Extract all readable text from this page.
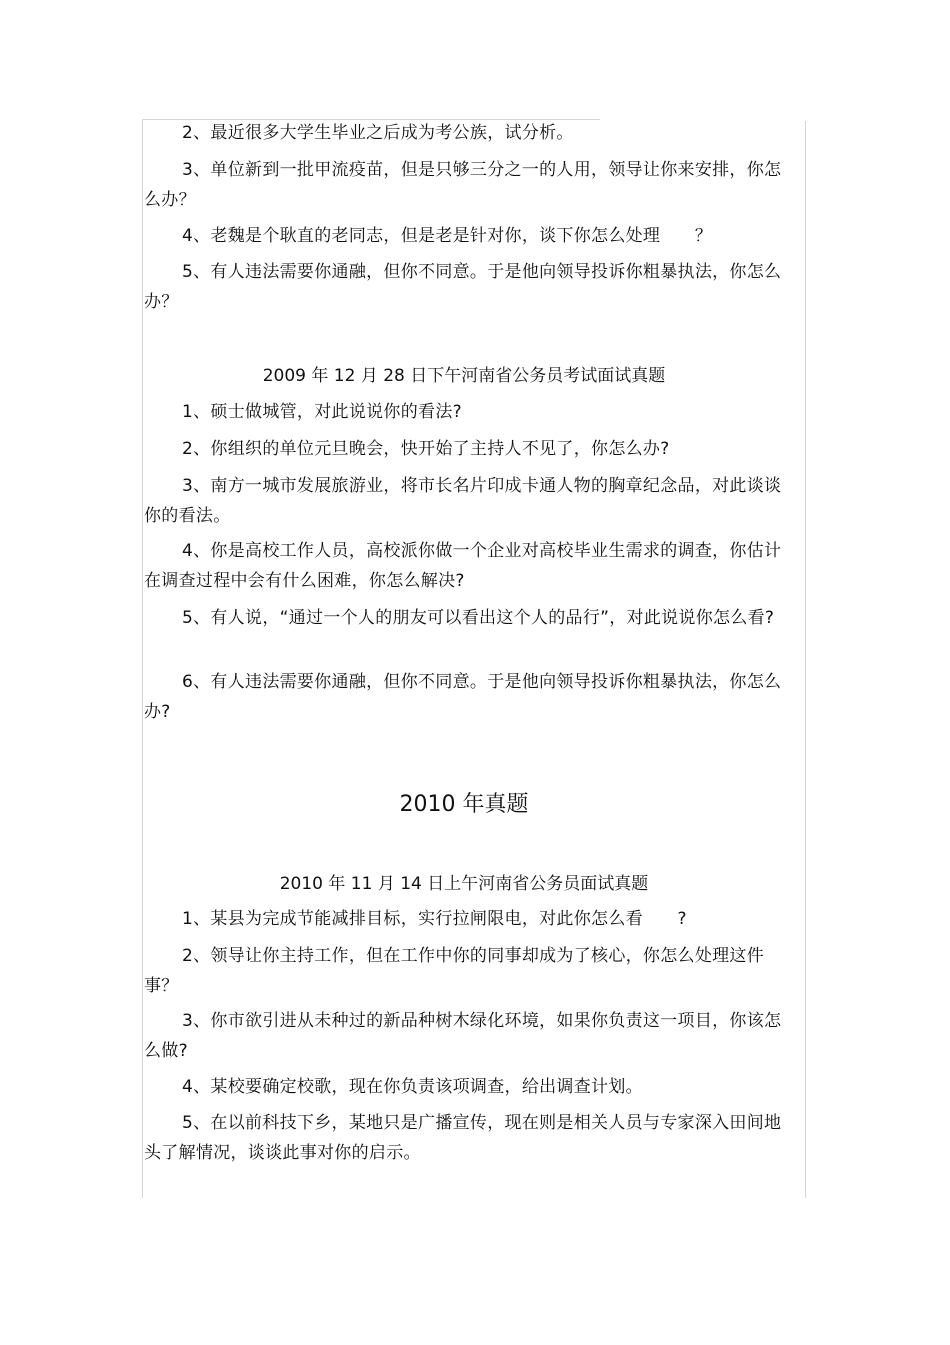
2、最近很多大学生毕业之后成为考公族，试分析。

3、单位新到一批甲流疫苗，但是只够三分之一的人用，领导让你来安排，你怎么办？

4、老魏是个耿直的老同志，但是老是针对你，谈下你怎么处理　　？

5、有人违法需要你通融，但你不同意。于是他向领导投诉你粗暴执法，你怎么办？

2009 年 12 月 28 日下午河南省公务员考试面试真题

1、硕士做城管，对此说说你的看法?

2、你组织的单位元旦晚会，快开始了主持人不见了，你怎么办?

3、南方一城市发展旅游业，将市长名片印成卡通人物的胸章纪念品，对此谈谈你的看法。

4、你是高校工作人员，高校派你做一个企业对高校毕业生需求的调查，你估计在调查过程中会有什么困难，你怎么解决?

5、有人说，“通过一个人的朋友可以看出这个人的品行”，对此说说你怎么看?

6、有人违法需要你通融，但你不同意。于是他向领导投诉你粗暴执法，你怎么办?

2010 年真题

2010 年 11 月 14 日上午河南省公务员面试真题

1、某县为完成节能减排目标，实行拉闸限电，对此你怎么看　　?

2、领导让你主持工作，但在工作中你的同事却成为了核心，你怎么处理这件事？

3、你市欲引进从未种过的新品种树木绿化环境，如果你负责这一项目，你该怎么做?

4、某校要确定校歌，现在你负责该项调查，给出调查计划。

5、在以前科技下乡，某地只是广播宣传，现在则是相关人员与专家深入田间地头了解情况，谈谈此事对你的启示。
